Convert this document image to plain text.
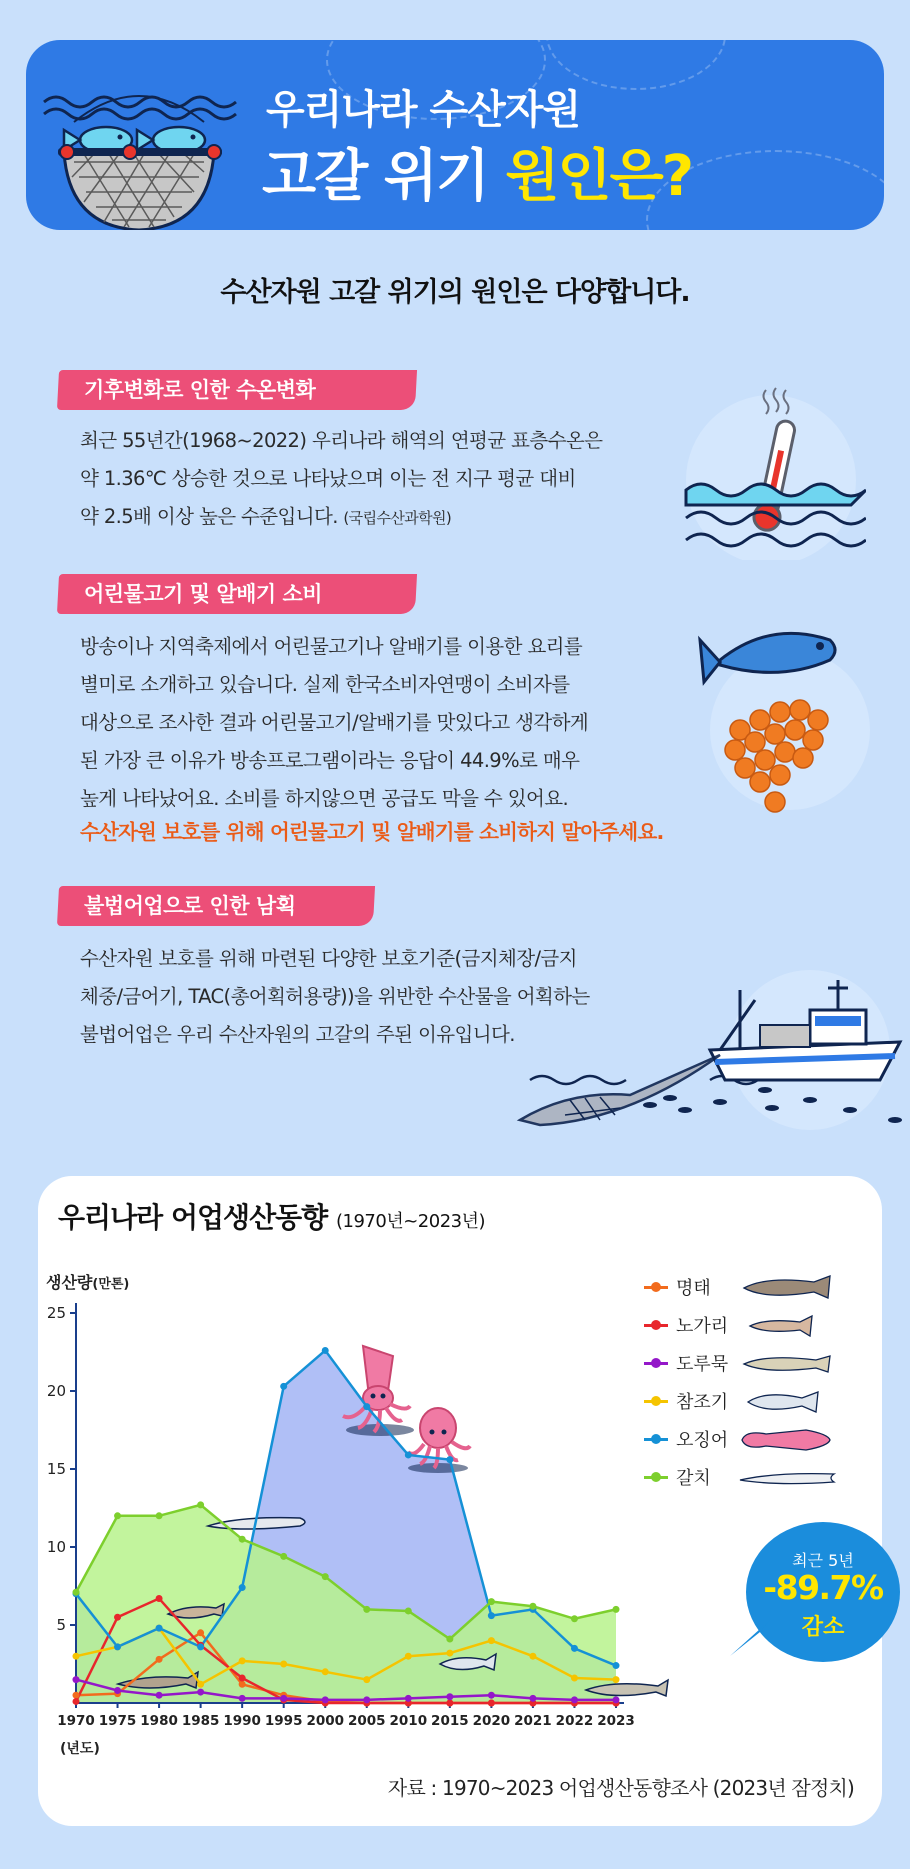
우리나라 수산자원
고갈 위기 원인은?
수산자원 고갈 위기의 원인은 다양합니다.
기후변화로 인한 수온변화
최근 55년간(1968~2022) 우리나라 해역의 연평균 표층수온은
약 1.36℃ 상승한 것으로 나타났으며 이는 전 지구 평균 대비
약 2.5배 이상 높은 수준입니다. (국립수산과학원)
어린물고기 및 알배기 소비
방송이나 지역축제에서 어린물고기나 알배기를 이용한 요리를
별미로 소개하고 있습니다. 실제 한국소비자연맹이 소비자를
대상으로 조사한 결과 어린물고기/알배기를 맛있다고 생각하게
된 가장 큰 이유가 방송프로그램이라는 응답이 44.9%로 매우
높게 나타났어요. 소비를 하지않으면 공급도 막을 수 있어요.
수산자원 보호를 위해 어린물고기 및 알배기를 소비하지 말아주세요.
불법어업으로 인한 남획
수산자원 보호를 위해 마련된 다양한 보호기준(금지체장/금지
체중/금어기, TAC(총어획허용량))을 위반한 수산물을 어획하는
불법어업은 우리 수산자원의 고갈의 주된 이유입니다.
우리나라 어업생산동향 (1970년~2023년)
생산량(만톤)
5
10
15
20
25
1970 1975 1980 1985 1990 1995 2000 2005 2010 2015 2020 2021 2022 2023
명태
노가리
도루묵
참조기
오징어
갈치
(년도)
자료 : 1970~2023 어업생산동향조사 (2023년 잠정치)
최근 5년
-89.7%
감소
